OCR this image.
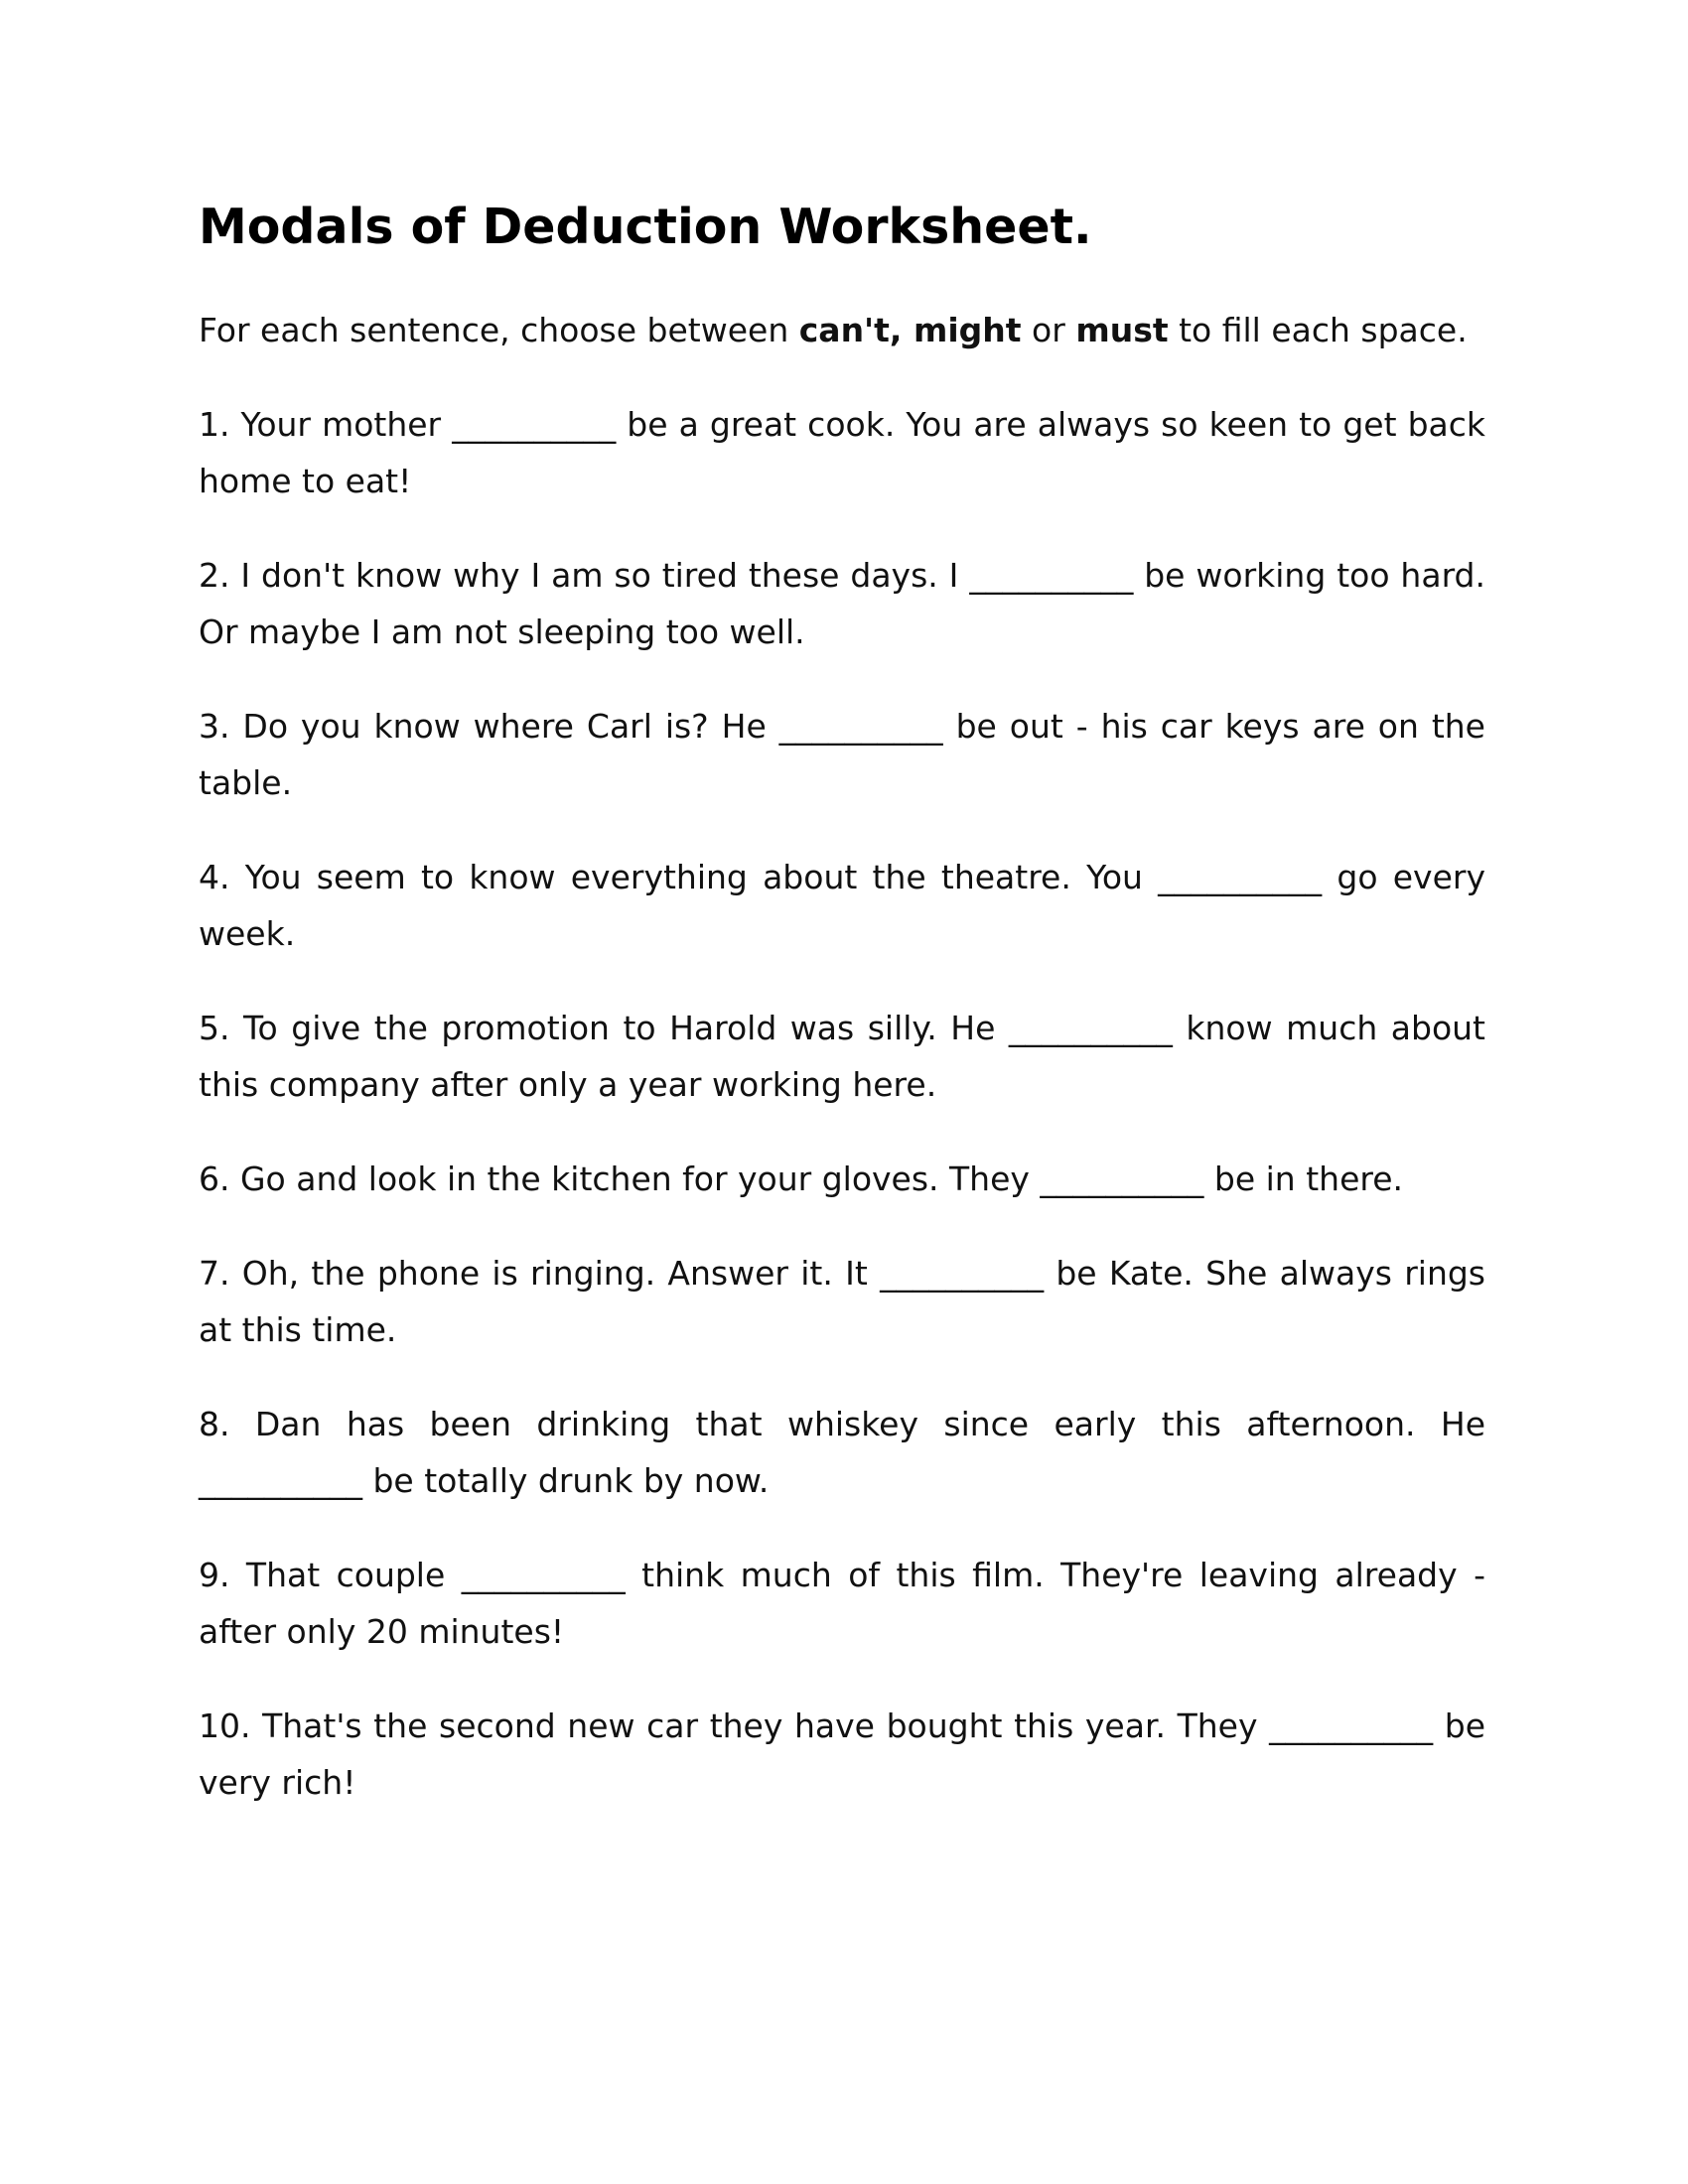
Modals of Deduction Worksheet.

For each sentence, choose between can't, might or must to fill each space.

1. Your mother __________ be a great cook. You are always so keen to get back home to eat!

2. I don't know why I am so tired these days. I __________ be working too hard. Or maybe I am not sleeping too well.

3. Do you know where Carl is? He __________ be out - his car keys are on the table.

4. You seem to know everything about the theatre. You __________ go every week.

5. To give the promotion to Harold was silly. He __________ know much about this company after only a year working here.

6. Go and look in the kitchen for your gloves. They __________ be in there.

7. Oh, the phone is ringing. Answer it. It __________ be Kate. She always rings at this time.

8. Dan has been drinking that whiskey since early this afternoon. He __________ be totally drunk by now.

9. That couple __________ think much of this film. They're leaving already - after only 20 minutes!

10. That's the second new car they have bought this year. They __________ be very rich!
